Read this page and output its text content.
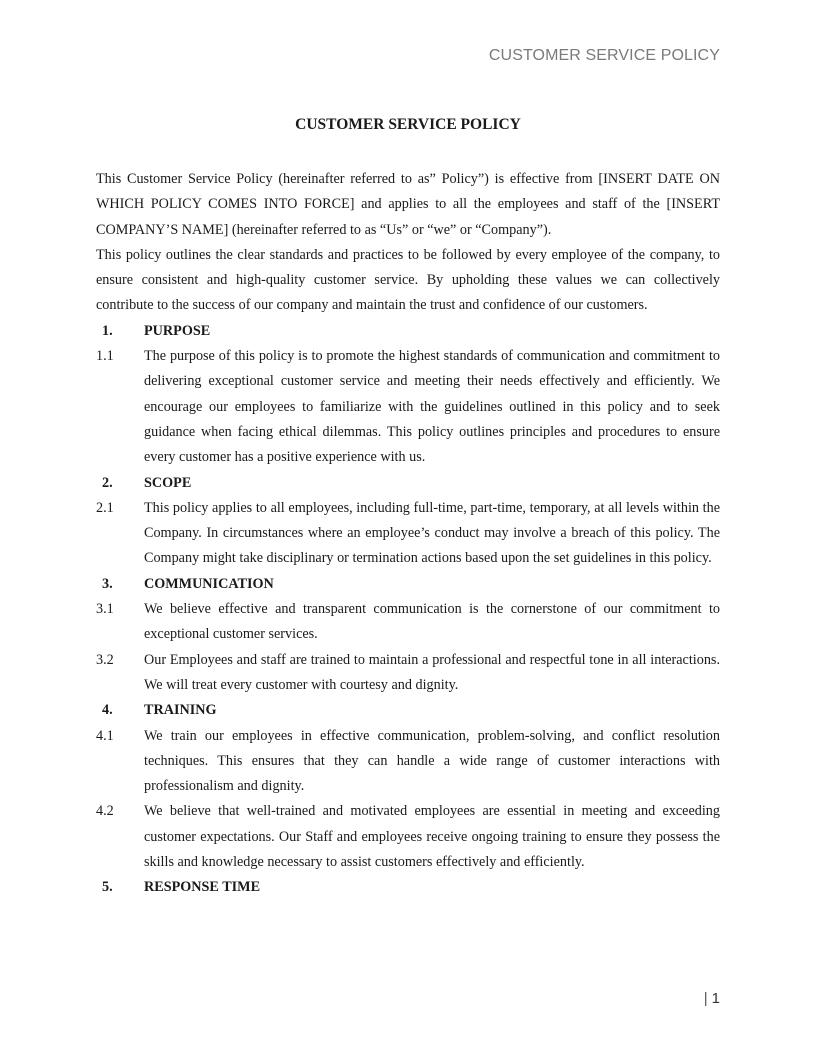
CUSTOMER SERVICE POLICY
CUSTOMER SERVICE POLICY

This Customer Service Policy (hereinafter referred to as” Policy”) is effective from [INSERT DATE ON WHICH POLICY COMES INTO FORCE] and applies to all the employees and staff of the [INSERT COMPANY’S NAME] (hereinafter referred to as “Us” or “we” or “Company”).

This policy outlines the clear standards and practices to be followed by every employee of the company, to ensure consistent and high-quality customer service. By upholding these values we can collectively contribute to the success of our company and maintain the trust and confidence of our customers.

1.	PURPOSE
1.1	The purpose of this policy is to promote the highest standards of communication and commitment to delivering exceptional customer service and meeting their needs effectively and efficiently. We encourage our employees to familiarize with the guidelines outlined in this policy and to seek guidance when facing ethical dilemmas. This policy outlines principles and procedures to ensure every customer has a positive experience with us.
2.	SCOPE
2.1	This policy applies to all employees, including full-time, part-time, temporary, at all levels within the Company. In circumstances where an employee’s conduct may involve a breach of this policy. The Company might take disciplinary or termination actions based upon the set guidelines in this policy.
3.	COMMUNICATION
3.1	We believe effective and transparent communication is the cornerstone of our commitment to exceptional customer services.
3.2	Our Employees and staff are trained to maintain a professional and respectful tone in all interactions. We will treat every customer with courtesy and dignity.
4.	TRAINING
4.1	We train our employees in effective communication, problem-solving, and conflict resolution techniques. This ensures that they can handle a wide range of customer interactions with professionalism and dignity.
4.2	We believe that well-trained and motivated employees are essential in meeting and exceeding customer expectations. Our Staff and employees receive ongoing training to ensure they possess the skills and knowledge necessary to assist customers effectively and efficiently.
5.	RESPONSE TIME
| 1
